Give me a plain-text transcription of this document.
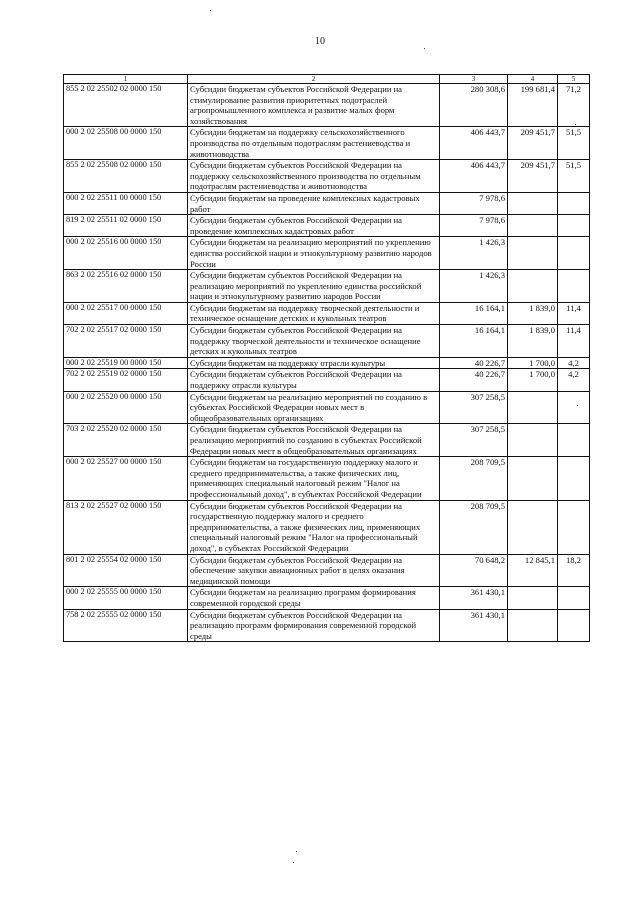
10
1	2	3	4	5
855 2 02 25502 02 0000 150	Субсидии бюджетам субъектов Российской Федерации на стимулирование развития приоритетных подотраслей агропромышленного комплекса и развитие малых форм хозяйствования	280 308,6	199 681,4	71,2
000 2 02 25508 00 0000 150	Субсидии бюджетам на поддержку сельскохозяйственного производства по отдельным подотраслям растениеводства и животноводства	406 443,7	209 451,7	51,5
855 2 02 25508 02 0000 150	Субсидии бюджетам субъектов Российской Федерации на поддержку сельскохозяйственного производства по отдельным подотраслям растениеводства и животноводства	406 443,7	209 451,7	51,5
000 2 02 25511 00 0000 150	Субсидии бюджетам на проведение комплексных кадастровых работ	7 978,6		
819 2 02 25511 02 0000 150	Субсидии бюджетам субъектов Российской Федерации на проведение комплексных кадастровых работ	7 978,6		
000 2 02 25516 00 0000 150	Субсидии бюджетам на реализацию мероприятий по укреплению единства российской нации и этнокультурному развитию народов России	1 426,3		
863 2 02 25516 02 0000 150	Субсидии бюджетам субъектов Российской Федерации на реализацию мероприятий по укреплению единства российской нации и этнокультурному развитию народов России	1 426,3		
000 2 02 25517 00 0000 150	Субсидии бюджетам на поддержку творческой деятельности и техническое оснащение детских и кукольных театров	16 164,1	1 839,0	11,4
702 2 02 25517 02 0000 150	Субсидии бюджетам субъектов Российской Федерации на поддержку творческой деятельности и техническое оснащение детских и кукольных театров	16 164,1	1 839,0	11,4
000 2 02 25519 00 0000 150	Субсидии бюджетам на поддержку отрасли культуры	40 226,7	1 700,0	4,2
702 2 02 25519 02 0000 150	Субсидии бюджетам субъектов Российской Федерации на поддержку отрасли культуры	40 226,7	1 700,0	4,2
000 2 02 25520 00 0000 150	Субсидии бюджетам на реализацию мероприятий по созданию в субъектах Российской Федерации новых мест в общеобразовательных организациях	307 258,5		
703 2 02 25520 02 0000 150	Субсидии бюджетам субъектов Российской Федерации на реализацию мероприятий по созданию в субъектах Российской Федерации новых мест в общеобразовательных организациях	307 258,5		
000 2 02 25527 00 0000 150	Субсидии бюджетам на государственную поддержку малого и среднего предпринимательства, а также физических лиц, применяющих специальный налоговый режим "Налог на профессиональный доход", в субъектах Российской Федерации	208 709,5		
813 2 02 25527 02 0000 150	Субсидии бюджетам субъектов Российской Федерации на государственную поддержку малого и среднего предпринимательства, а также физических лиц, применяющих специальный налоговый режим "Налог на профессиональный доход", в субъектах Российской Федерации	208 709,5		
801 2 02 25554 02 0000 150	Субсидии бюджетам субъектов Российской Федерации на обеспечение закупки авиационных работ в целях оказания медицинской помощи	70 648,2	12 845,1	18,2
000 2 02 25555 00 0000 150	Субсидии бюджетам на реализацию программ формирования современной городской среды	361 430,1		
758 2 02 25555 02 0000 150	Субсидии бюджетам субъектов Российской Федерации на реализацию программ формирования современной городской среды	361 430,1		
